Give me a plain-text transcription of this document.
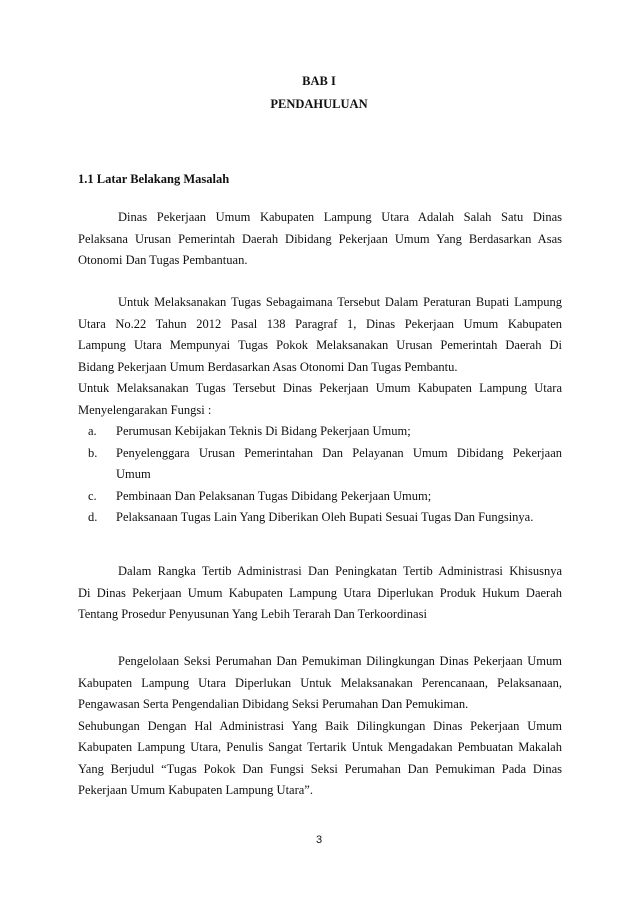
BAB I
PENDAHULUAN
1.1 Latar Belakang Masalah
Dinas Pekerjaan Umum Kabupaten Lampung Utara Adalah Salah Satu Dinas
Pelaksana Urusan Pemerintah Daerah Dibidang Pekerjaan Umum Yang Berdasarkan Asas
Otonomi Dan Tugas Pembantuan.
Untuk Melaksanakan Tugas Sebagaimana Tersebut Dalam Peraturan Bupati Lampung
Utara No.22 Tahun 2012 Pasal 138 Paragraf 1, Dinas Pekerjaan Umum Kabupaten
Lampung Utara Mempunyai Tugas Pokok Melaksanakan Urusan Pemerintah Daerah Di
Bidang Pekerjaan Umum Berdasarkan Asas Otonomi Dan Tugas Pembantu.
Untuk Melaksanakan Tugas Tersebut Dinas Pekerjaan Umum Kabupaten Lampung Utara
Menyelengarakan Fungsi :
a.	Perumusan Kebijakan Teknis Di Bidang Pekerjaan Umum;
b.	Penyelenggara Urusan Pemerintahan Dan Pelayanan Umum Dibidang Pekerjaan
Umum
c.	Pembinaan Dan Pelaksanan Tugas Dibidang Pekerjaan Umum;
d.	Pelaksanaan Tugas Lain Yang Diberikan Oleh Bupati Sesuai Tugas Dan Fungsinya.
Dalam Rangka Tertib Administrasi Dan Peningkatan Tertib Administrasi Khisusnya
Di Dinas Pekerjaan Umum Kabupaten Lampung Utara Diperlukan Produk Hukum Daerah
Tentang Prosedur Penyusunan Yang Lebih Terarah Dan Terkoordinasi
Pengelolaan Seksi Perumahan Dan Pemukiman Dilingkungan Dinas Pekerjaan Umum
Kabupaten Lampung Utara Diperlukan Untuk Melaksanakan Perencanaan, Pelaksanaan,
Pengawasan Serta Pengendalian Dibidang Seksi Perumahan Dan Pemukiman.
Sehubungan Dengan Hal Administrasi Yang Baik Dilingkungan Dinas Pekerjaan Umum
Kabupaten Lampung Utara, Penulis Sangat Tertarik Untuk Mengadakan Pembuatan Makalah
Yang Berjudul “Tugas Pokok Dan Fungsi Seksi Perumahan Dan Pemukiman Pada Dinas
Pekerjaan Umum Kabupaten Lampung Utara”.
3
